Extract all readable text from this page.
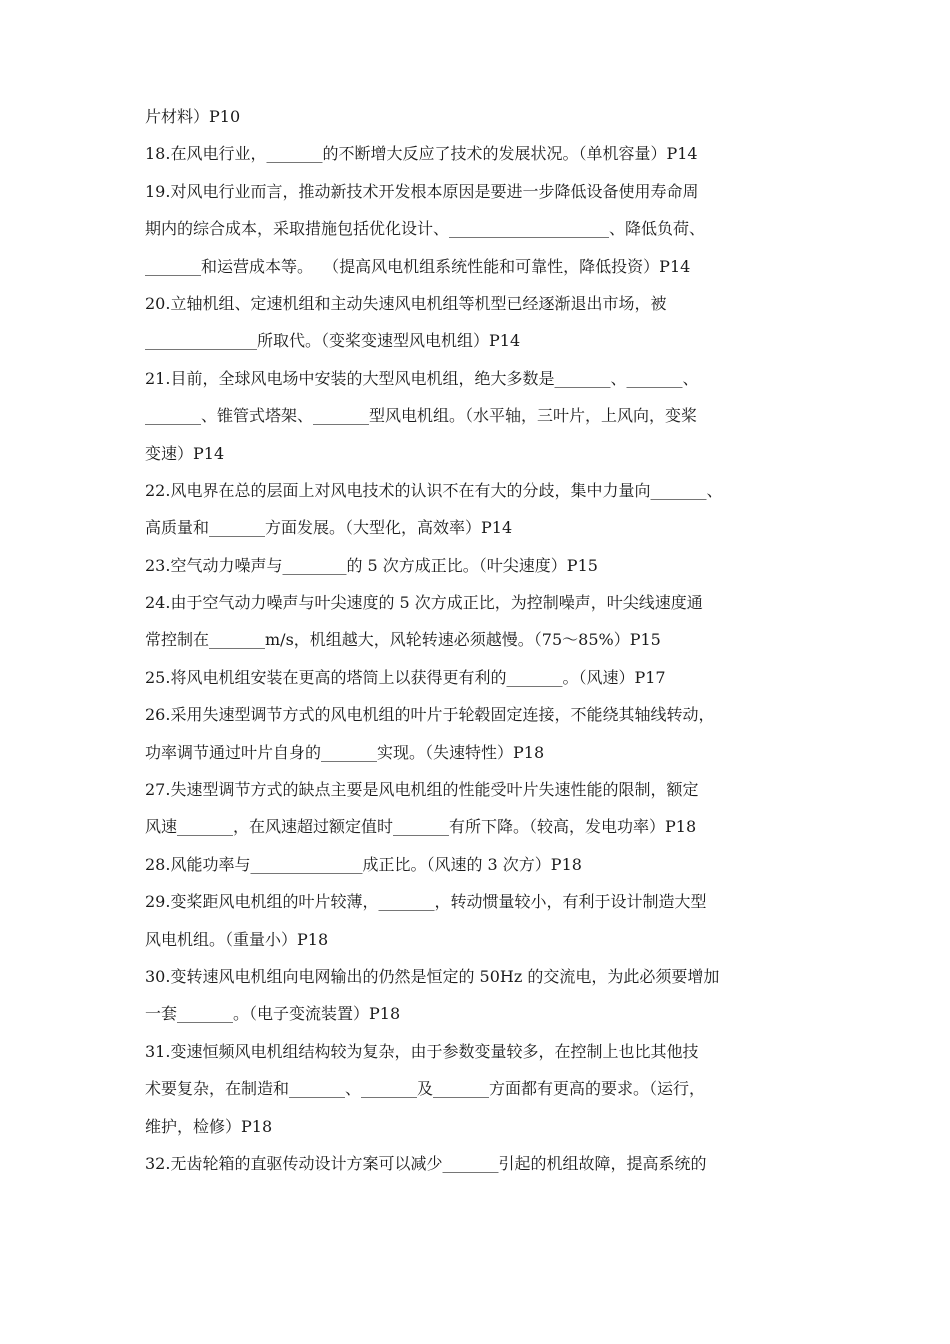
片材料）P10
18.在风电行业，_______的不断增大反应了技术的发展状况。（单机容量）P14
19.对风电行业而言，推动新技术开发根本原因是要进一步降低设备使用寿命周
期内的综合成本，采取措施包括优化设计、____________________、降低负荷、
_______和运营成本等。  （提高风电机组系统性能和可靠性，降低投资）P14
20.立轴机组、定速机组和主动失速风电机组等机型已经逐渐退出市场，被
______________所取代。（变桨变速型风电机组）P14
21.目前，全球风电场中安装的大型风电机组，绝大多数是_______、_______、
_______、锥管式塔架、_______型风电机组。（水平轴，三叶片，上风向，变桨
变速）P14
22.风电界在总的层面上对风电技术的认识不在有大的分歧，集中力量向_______、
高质量和_______方面发展。（大型化，高效率）P14
23.空气动力噪声与________的 5 次方成正比。（叶尖速度）P15
24.由于空气动力噪声与叶尖速度的 5 次方成正比，为控制噪声，叶尖线速度通
常控制在_______m/s，机组越大，风轮转速必须越慢。（75～85%）P15
25.将风电机组安装在更高的塔筒上以获得更有利的_______。（风速）P17
26.采用失速型调节方式的风电机组的叶片于轮毂固定连接，不能绕其轴线转动，
功率调节通过叶片自身的_______实现。（失速特性）P18
27.失速型调节方式的缺点主要是风电机组的性能受叶片失速性能的限制，额定
风速_______，在风速超过额定值时_______有所下降。（较高，发电功率）P18
28.风能功率与______________成正比。（风速的 3 次方）P18
29.变桨距风电机组的叶片较薄，_______，转动惯量较小，有利于设计制造大型
风电机组。（重量小）P18
30.变转速风电机组向电网输出的仍然是恒定的 50Hz 的交流电，为此必须要增加
一套_______。（电子变流装置）P18
31.变速恒频风电机组结构较为复杂，由于参数变量较多，在控制上也比其他技
术要复杂，在制造和_______、_______及_______方面都有更高的要求。（运行，
维护，检修）P18
32.无齿轮箱的直驱传动设计方案可以减少_______引起的机组故障，提高系统的
